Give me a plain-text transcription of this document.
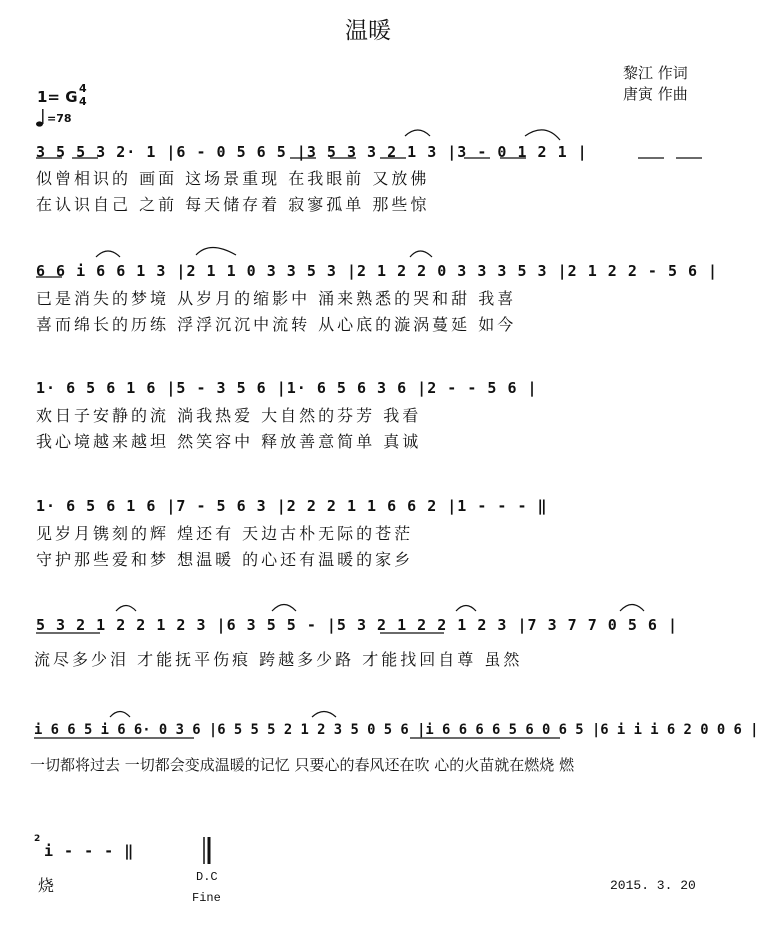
温暖
黎江 作词
唐寅 作曲
1= G 4
4
=78
3 5 5 3 2· 1 |6 - 0 5 6 5 |3 5 3 3 2 1 3 |3 - 0 1 2 1 |
似曾相识的 画面 这场景重现 在我眼前 又放佛
在认识自己 之前 每天储存着 寂寥孤单 那些惊
6 6 i 6 6 1 3 |2 1 1 0 3 3 5 3 |2 1 2 2 0 3 3 3 5 3 |2 1 2 2 - 5 6 |
已是消失的梦境 从岁月的缩影中 涌来熟悉的哭和甜 我喜
喜而绵长的历练 浮浮沉沉中流转 从心底的漩涡蔓延 如今
1· 6 5 6 1 6 |5 - 3 5 6 |1· 6 5 6 3 6 |2 - - 5 6 |
欢日子安静的流 淌我热爱 大自然的芬芳 我看
我心境越来越坦 然笑容中 释放善意简单 真诚
1· 6 5 6 1 6 |7 - 5 6 3 |2 2 2 1 1 6 6 2 |1 - - - ‖
见岁月镌刻的辉 煌还有 天边古朴无际的苍茫
守护那些爱和梦 想温暖 的心还有温暖的家乡
5 3 2 1 2 2 1 2 3 |6 3 5 5 - |5 3 2 1 2 2 1 2 3 |7 3 7 7 0 5 6 |
流尽多少泪 才能抚平伤痕 跨越多少路 才能找回自尊 虽然
i 6 6 5 i 6 6· 0 3 6 |6 5 5 5 2 1 2 3 5 0 5 6 |i 6 6 6 6 5 6 0 6 5 |6 i i i 6 2 0 0 6 |
一切都将过去 一切都会变成温暖的记忆 只要心的春风还在吹 心的火苗就在燃烧 燃
2
i - - - ‖
烧	D.C
Fine
2015. 3. 20
